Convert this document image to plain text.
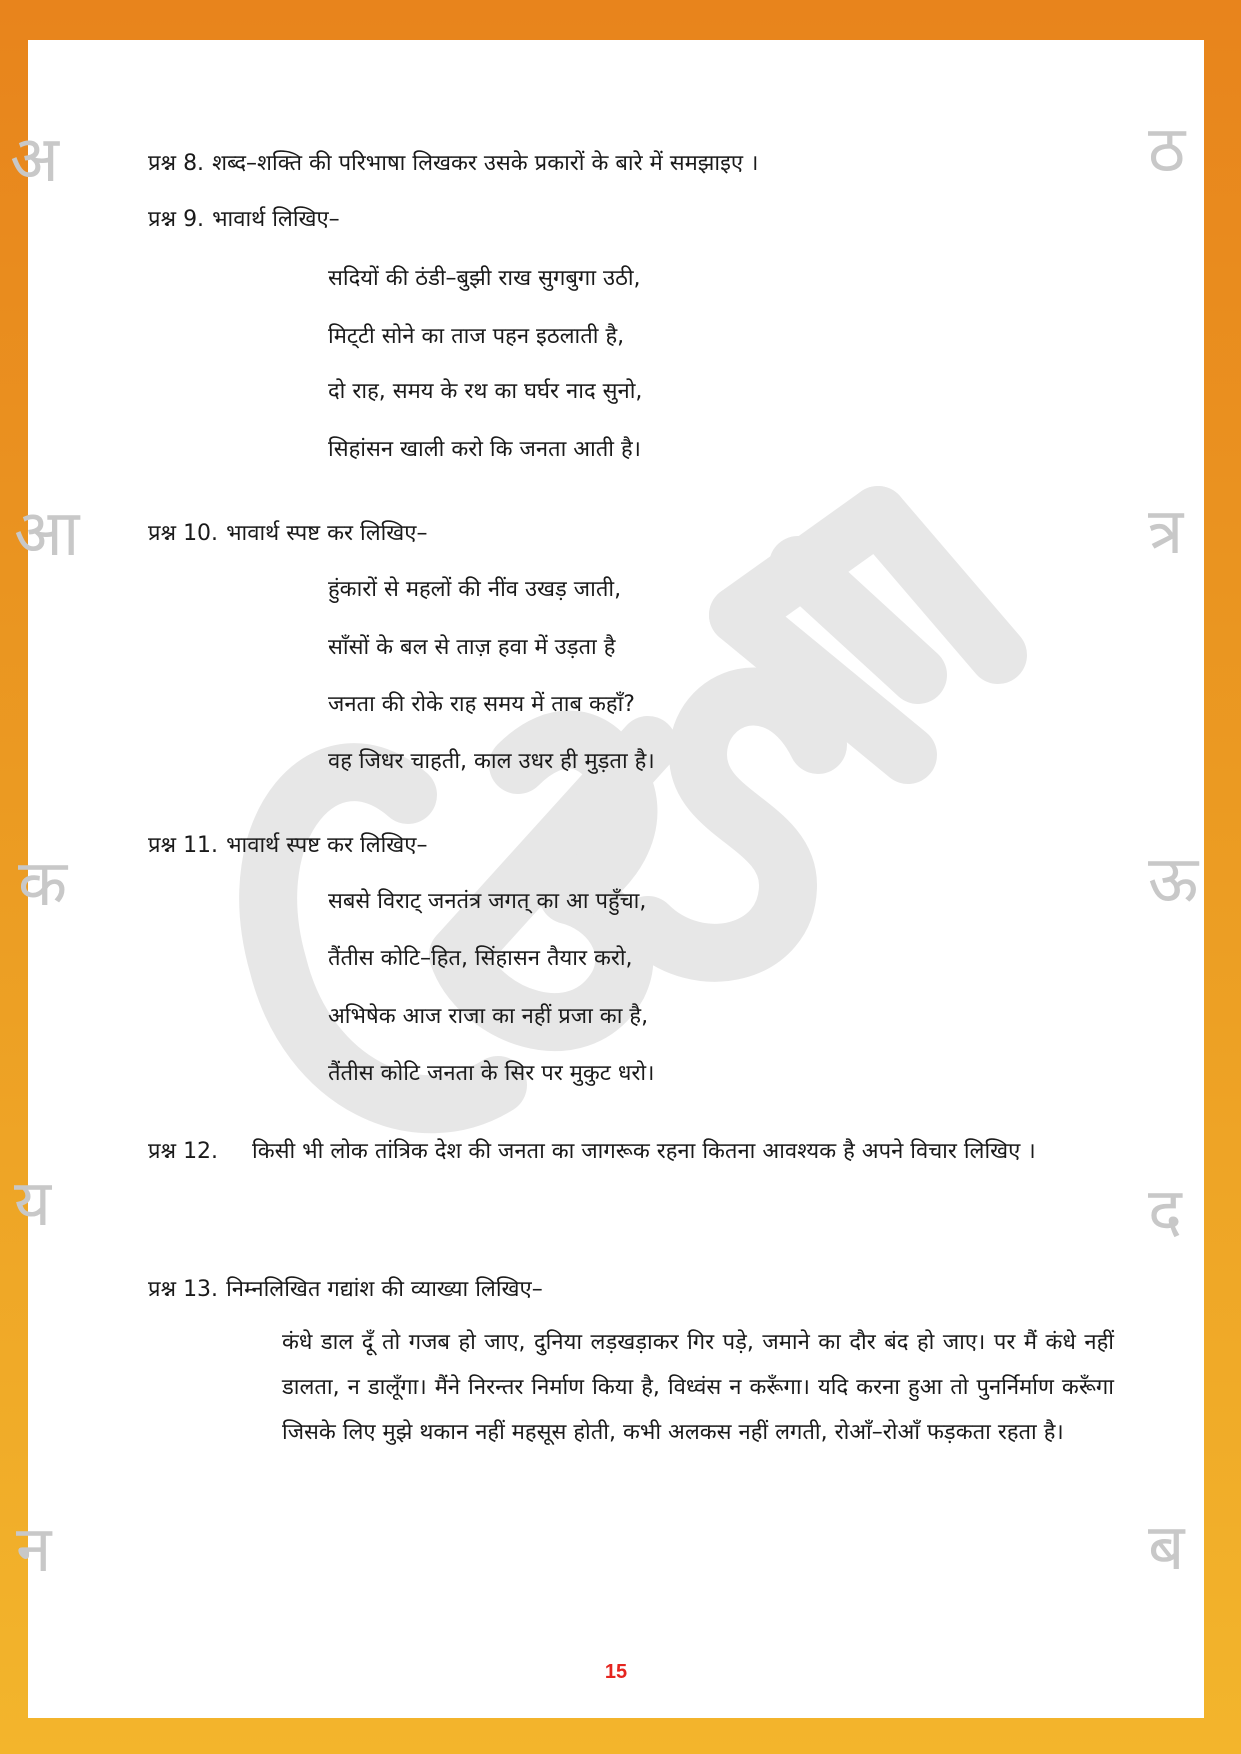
अ
आ
क
य
न
ठ
त्र
ऊ
द
ब
प्रश्न 8. शब्द–शक्ति की परिभाषा लिखकर उसके प्रकारों के बारे में समझाइए ।
प्रश्न 9. भावार्थ लिखिए–
सदियों की ठंडी–बुझी राख सुगबुगा उठी,
मिट्‌टी सोने का ताज पहन इठलाती है,
दो राह, समय के रथ का घर्घर नाद सुनो,
सिहांसन खाली करो कि जनता आती है।
प्रश्न 10. भावार्थ स्पष्ट कर लिखिए–
हुंकारों से महलों की नींव उखड़ जाती,
साँसों के बल से ताज़ हवा में उड़ता है
जनता की रोके राह समय में ताब कहाँ?
वह जिधर चाहती, काल उधर ही मुड़ता है।
प्रश्न 11. भावार्थ स्पष्ट कर लिखिए–
सबसे विराट् जनतंत्र जगत् का आ पहुँचा,
तैंतीस कोटि–हित, सिंहासन तैयार करो,
अभिषेक आज राजा का नहीं प्रजा का है,
तैंतीस कोटि जनता के सिर पर मुकुट धरो।
प्रश्न 12. किसी भी लोक तांत्रिक देश की जनता का जागरूक रहना कितना आवश्यक है अपने विचार लिखिए ।
प्रश्न 13. निम्नलिखित गद्यांश की व्याख्या लिखिए–
कंधे डाल दूँ तो गजब हो जाए, दुनिया लड़खड़ाकर गिर पड़े, जमाने का दौर बंद हो जाए। पर मैं कंधे नहीं डालता, न डालूँगा। मैंने निरन्तर निर्माण किया है, विध्वंस न करूँगा। यदि करना हुआ तो पुनर्निर्माण करूँगा जिसके लिए मुझे थकान नहीं महसूस होती, कभी अलकस नहीं लगती, रोआँ–रोआँ फड़कता रहता है।
15
